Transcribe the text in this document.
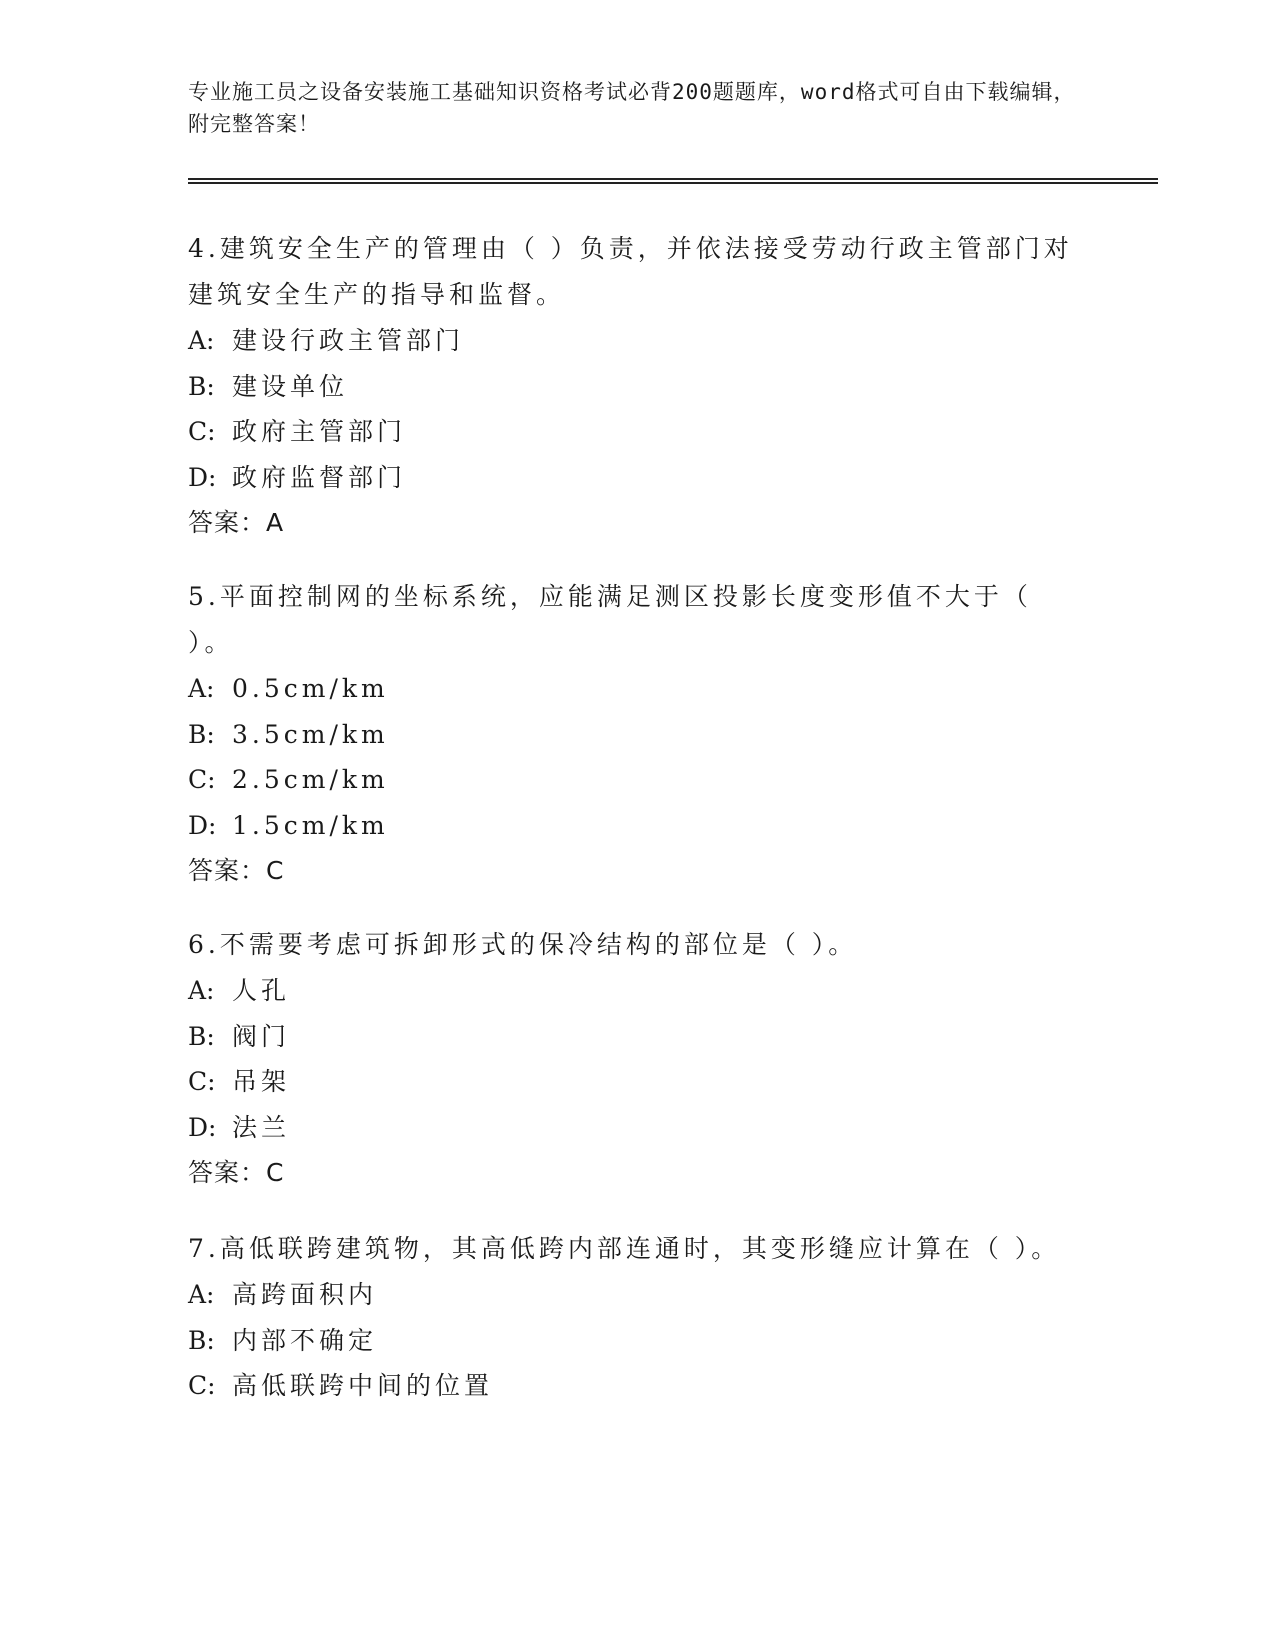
专业施工员之设备安装施工基础知识资格考试必背200题题库，word格式可自由下载编辑，附完整答案！

4.建筑安全生产的管理由（ ）负责，并依法接受劳动行政主管部门对建筑安全生产的指导和监督。

A: 建设行政主管部门

B: 建设单位

C: 政府主管部门

D: 政府监督部门

答案：A

5.平面控制网的坐标系统，应能满足测区投影长度变形值不大于（ ）。

A: 0.5cm/km

B: 3.5cm/km

C: 2.5cm/km

D: 1.5cm/km

答案：C

6.不需要考虑可拆卸形式的保冷结构的部位是（ ）。

A: 人孔

B: 阀门

C: 吊架

D: 法兰

答案：C

7.高低联跨建筑物，其高低跨内部连通时，其变形缝应计算在（ ）。

A: 高跨面积内

B: 内部不确定

C: 高低联跨中间的位置
